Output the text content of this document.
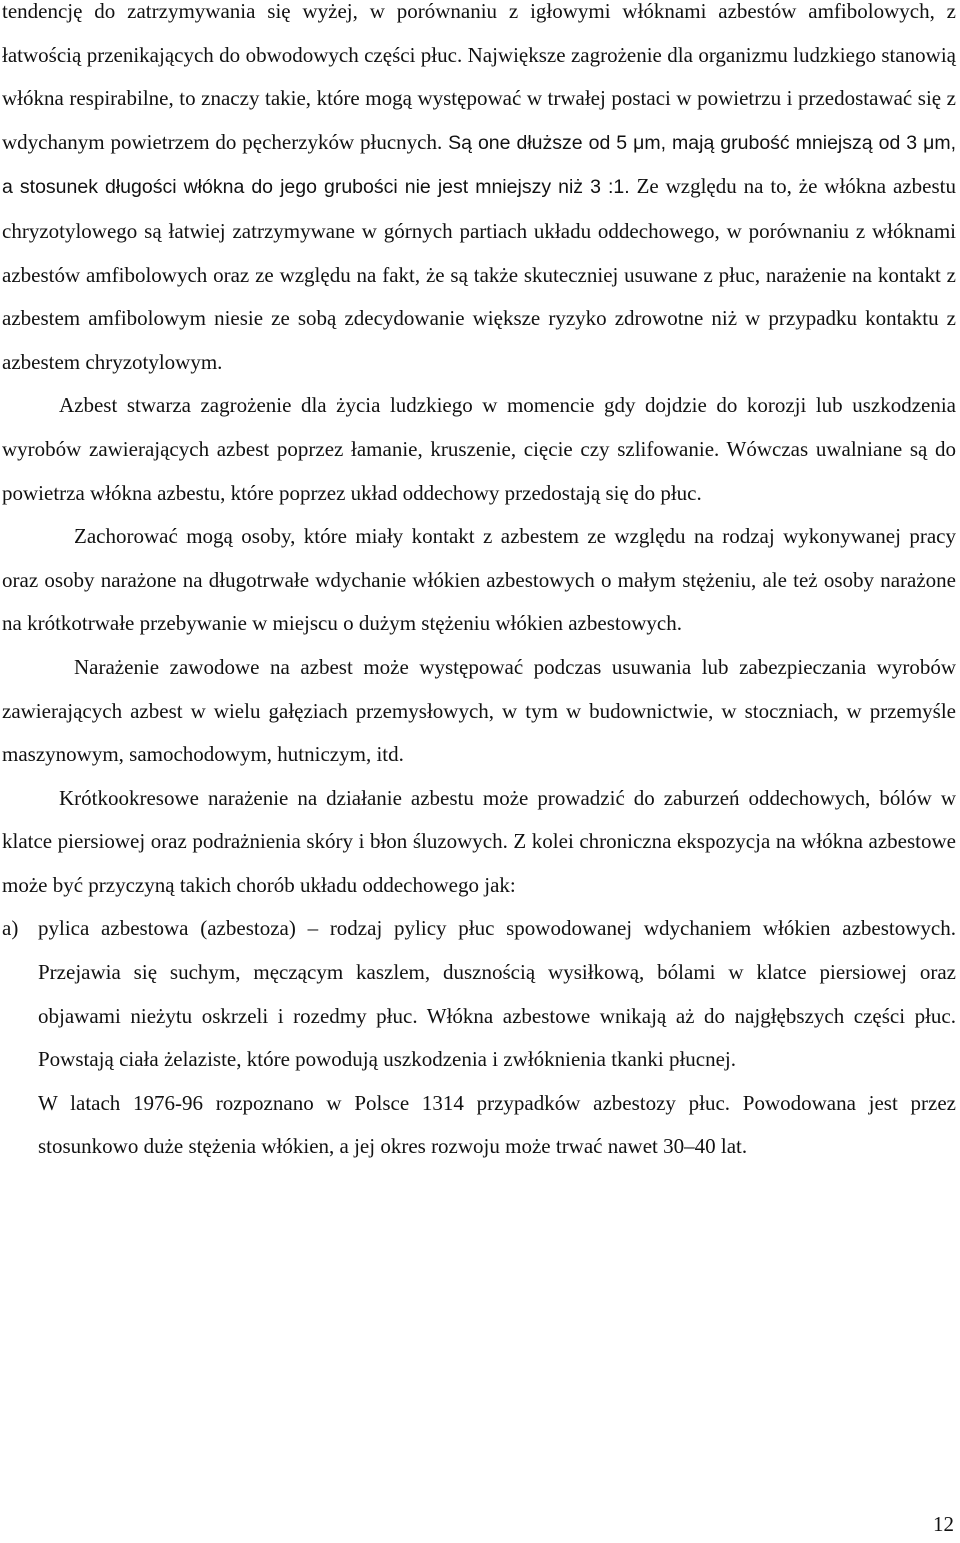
tendencję do zatrzymywania się wyżej, w porównaniu z igłowymi włóknami azbestów amfibolowych, z łatwością przenikających do obwodowych części płuc. Największe zagrożenie dla organizmu ludzkiego stanowią włókna respirabilne, to znaczy takie, które mogą występować w trwałej postaci w powietrzu i przedostawać się z wdychanym powietrzem do pęcherzyków płucnych. Są one dłuższe od 5 μm, mają grubość mniejszą od 3 μm, a stosunek długości włókna do jego grubości nie jest mniejszy niż 3 :1. Ze względu na to, że włókna azbestu chryzotylowego są łatwiej zatrzymywane w górnych partiach układu oddechowego, w porównaniu z włóknami azbestów amfibolowych oraz ze względu na fakt, że są także skuteczniej usuwane z płuc, narażenie na kontakt z azbestem amfibolowym niesie ze sobą zdecydowanie większe ryzyko zdrowotne niż w przypadku kontaktu z azbestem chryzotylowym.

Azbest stwarza zagrożenie dla życia ludzkiego w momencie gdy dojdzie do korozji lub uszkodzenia wyrobów zawierających azbest poprzez łamanie, kruszenie, cięcie czy szlifowanie. Wówczas uwalniane są do powietrza włókna azbestu, które poprzez układ oddechowy przedostają się do płuc.

Zachorować mogą osoby, które miały kontakt z azbestem ze względu na rodzaj wykonywanej pracy oraz osoby narażone na długotrwałe wdychanie włókien azbestowych o małym stężeniu, ale też osoby narażone na krótkotrwałe przebywanie w miejscu o dużym stężeniu włókien azbestowych.

Narażenie zawodowe na azbest może występować podczas usuwania lub zabezpieczania wyrobów zawierających azbest w wielu gałęziach przemysłowych, w tym w budownictwie, w stoczniach, w przemyśle maszynowym, samochodowym, hutniczym, itd.

Krótkookresowe narażenie na działanie azbestu może prowadzić do zaburzeń oddechowych, bólów w klatce piersiowej oraz podrażnienia skóry i błon śluzowych. Z kolei chroniczna ekspozycja na włókna azbestowe może być przyczyną takich chorób układu oddechowego jak:

a) pylica azbestowa (azbestoza) – rodzaj pylicy płuc spowodowanej wdychaniem włókien azbestowych. Przejawia się suchym, męczącym kaszlem, dusznością wysiłkową, bólami w klatce piersiowej oraz objawami nieżytu oskrzeli i rozedmy płuc. Włókna azbestowe wnikają aż do najgłębszych części płuc. Powstają ciała żelaziste, które powodują uszkodzenia i zwłóknienia tkanki płucnej.

W latach 1976-96 rozpoznano w Polsce 1314 przypadków azbestozy płuc. Powodowana jest przez stosunkowo duże stężenia włókien, a jej okres rozwoju może trwać nawet 30–40 lat.

12
